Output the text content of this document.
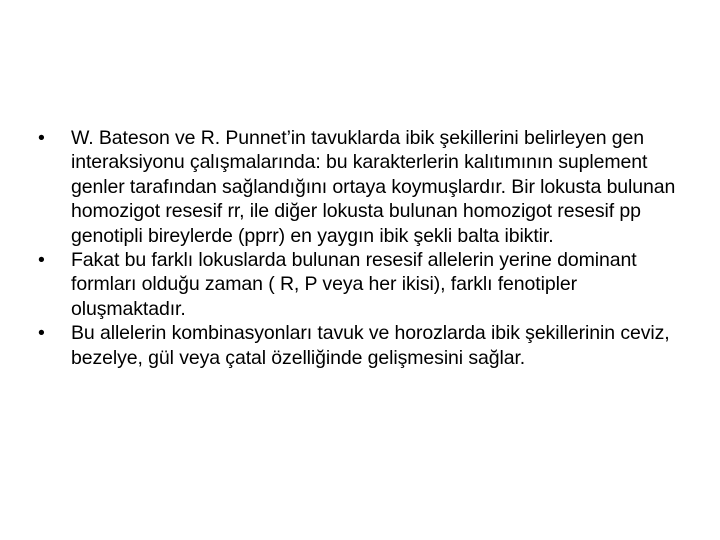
•	W. Bateson ve R. Punnet’in tavuklarda ibik şekillerini belirleyen gen interaksiyonu çalışmalarında: bu karakterlerin kalıtımının suplement genler tarafından sağlandığını ortaya koymuşlardır. Bir lokusta bulunan homozigot resesif rr, ile diğer lokusta bulunan homozigot resesif pp genotipli bireylerde (pprr) en yaygın ibik şekli balta ibiktir.
•	Fakat bu farklı lokuslarda bulunan resesif allelerin yerine dominant formları olduğu zaman ( R, P veya her ikisi), farklı fenotipler oluşmaktadır.
•	Bu allelerin kombinasyonları tavuk ve horozlarda ibik şekillerinin ceviz, bezelye, gül veya çatal özelliğinde gelişmesini sağlar.
